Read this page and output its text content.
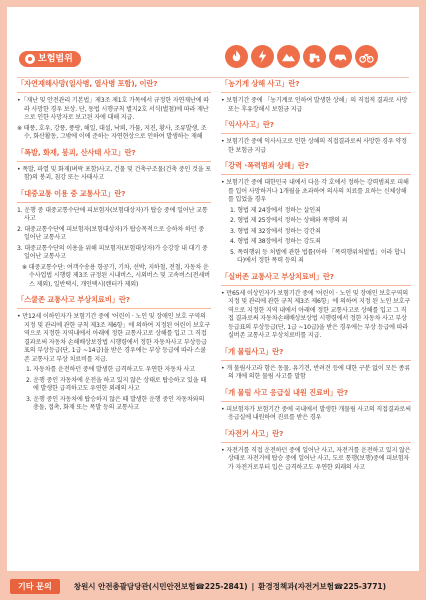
보험범위
「자연재해사망(일사병, 열사병 포함), 이란?
•「재난 및 안전관리 기본법」제3조 제1호 가목에서 규정한 자연재난에 따라 사망한 경우 보상. 단, 동법 시행규칙 별지2호 서식(별첨)에 따라 재난으로 인한 사망자로 보고된 자에 대해 지급.
※ 태풍, 호우, 강풍, 풍랑, 해일, 대설, 낙뢰, 가뭄, 지진, 황사, 조류발생, 조수, 화산활동, 그밖에 이에 준하는 자연현상으로 인하여 발생하는 재해
「폭발, 화재, 붕괴, 산사태 사고」란?
• 폭발, 파열 및 화재(벼락 포함)사고, 건물 및 건축구조물(건축 중인 것을 포함)의 붕괴, 침강 또는 사태사고
「대중교통 이용 중 교통사고」란?
1. 운행 중 대중교통수단에 피보험자(보험대상자)가 탑승 중에 일어난 교통사고
2. 대중교통수단에 피보험자(보험대상자)가 탑승목적으로 승하차 하던 중 일어난 교통사고
3. 대중교통수단의 이용을 위해 피보험자(보험대상자)가 승강장 내 대기 중 일어난 교통사고
※ 대중교통수단: 여객수송용 항공기, 기차, 선박, 지하철, 전철, 자동차 운수사업법 시행령 제3조 규정된 시내버스, 시외버스 및 고속버스(전세버스 제외), 일반택시, 개인택시(렌터카 제외)
「스쿨존 교통사고 부상치료비」란?
• 만12세 이하인자가 보험기간 중에 '어린이 · 노인 및 장애인 보호 구역의 지정 및 관리에 관한 규칙 제3조 제6항」에 의하여 지정된 어린이 보호구역으로 지정한 지역내에서 아래에 정한 교통사고로 상해를 입고 그 직접 결과로써 자동차 손해배상보장법 시행령에서 정한 자동차사고 부상등급표의 부상등급(단, 1급 ~14급)을 받은 경우에는 부상 등급에 따라 스쿨존 교통사고 부상 치료비를 지급.
1. 자동차를 운전하던 중에 발생한 급격하고도 우연한 자동차 사고
2. 운행 중인 자동차에 운전을 하고 있지 않은 상태로 탑승하고 있을 때에 발생한 급격하고도 우연한 외래의 사고
3. 운행 중인 자동차에 탑승하지 않은 때 발생한 운행 중인 자동차와의 충돌, 접촉, 화재 또는 폭발 등의 교통사고
「농기계 상해 사고」란?
• 보험기간 중에 「농기계로 인하여 발생한 상해」의 직접적 결과로 사망 또는 후유장해시 보험금 지급
「익사사고」란?
• 보험기간 중에 익사사고로 인한 상해의 직접결과로써 사망한 경우 약정한 보험금 지급
「강력 ·폭력범죄 상해」란?
• 보험기간 중에 대한민국 내에서 다음 각 호에서 정하는 강력범죄로 피해를 입어 사망하거나 1개월을 초과하여 의사의 치료를 요하는 신체상해를 입었을 경우
1. 형법 제 24장에서 정하는 살인죄
2. 형법 제 25장에서 정하는 상해와 폭행의 죄
3. 형법 제 32장에서 정하는 강간죄
4. 형법 제 38장에서 정하는 강도죄
5. 폭력행위 등 처벌에 관한 법률(아하 「폭력행위처벌법」이라 합니다)에서 정한 폭력 등의 죄
「실버존 교통사고 부상치료비」란?
• 만65세 이상인자가 보험기간 중에 '어린이 · 노인 및 장애인 보호구역의 지정 및 관리에 관한 규칙 제3조 제6항」에 의하여 지정 된 노인 보호구역으로 지정한 지역 내에서 아래에 정한 교통사고로 상해를 입고 그 직접 결과로써 자동차손해배상보상법 시행령에서 정한 자동차 사고 부상등급표의 부상등급(단, 1급 ~10급)을 받은 경우에는 부상 등급에 따라 실버존 교통사고 부상치료비를 지급.
「개 물림사고」란?
• 개 물림사고라 함은 동물, 유기견, 반려견 등에 대한 구분 없이 모든 종류의 개에 의한 물림 사고를 말함
「개 물림 사고 응급실 내원 진료비」란?
• 피보험자가 보험기간 중에 국내에서 발생한 개물림 사고의 직접결과로써 응급실에 내원하여 진료를 받은 경우
「자전거 사고」란?
• 자전거를 직접 운전하던 중에 일어난 사고, 자전거를 운전하고 있지 않은 상태로 자전거에 탑승 중에 일어난 사고, 도로 통행(보행)중에 피보험자가 자전거로부터 입은 급격하고도 우연한 외래의 사고
기타 문의	창원시 안전총괄담당관(시민안전보험☎225-2841) | 환경정책과(자전거보험☎225-3771)
